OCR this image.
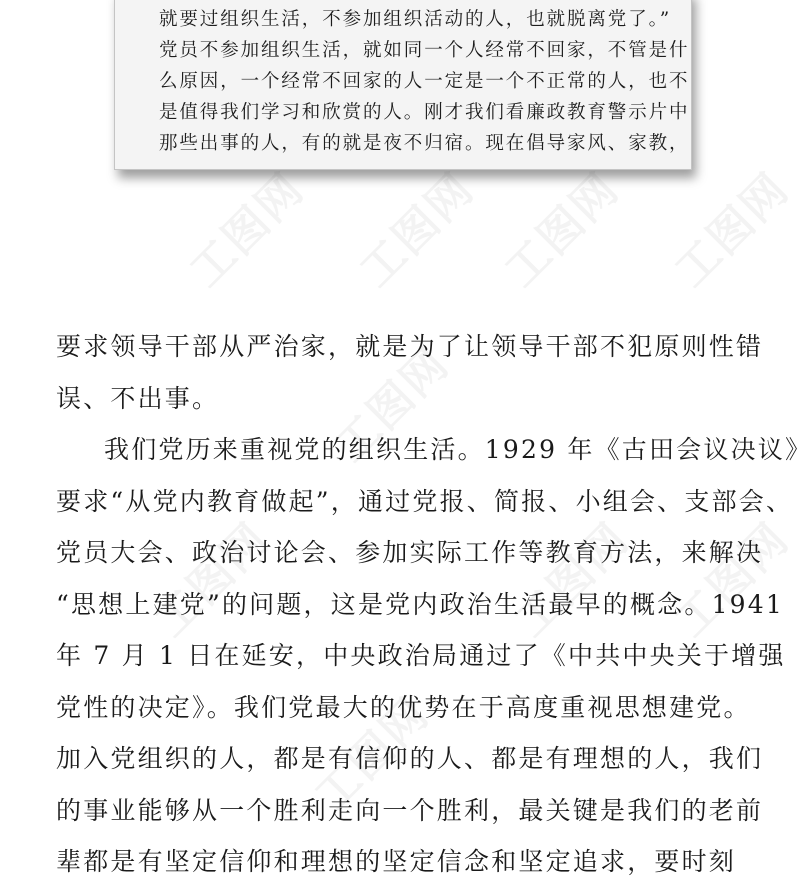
工图网 工图网 工图网 工图网
工图网
工图网	工图网 工图网
工图网
就要过组织生活，不参加组织活动的人，也就脱离党了。”
党员不参加组织生活，就如同一个人经常不回家，不管是什
么原因，一个经常不回家的人一定是一个不正常的人，也不
是值得我们学习和欣赏的人。刚才我们看廉政教育警示片中
那些出事的人，有的就是夜不归宿。现在倡导家风、家教，
要求领导干部从严治家，就是为了让领导干部不犯原则性错
误、不出事。
我们党历来重视党的组织生活。1929 年《古田会议决议》
要求“从党内教育做起”，通过党报、简报、小组会、支部会、
党员大会、政治讨论会、参加实际工作等教育方法，来解决
“思想上建党”的问题，这是党内政治生活最早的概念。1941
年 7 月 1 日在延安，中央政治局通过了《中共中央关于增强
党性的决定》。我们党最大的优势在于高度重视思想建党。
加入党组织的人，都是有信仰的人、都是有理想的人，我们
的事业能够从一个胜利走向一个胜利，最关键是我们的老前
辈都是有坚定信仰和理想的坚定信念和坚定追求，要时刻
